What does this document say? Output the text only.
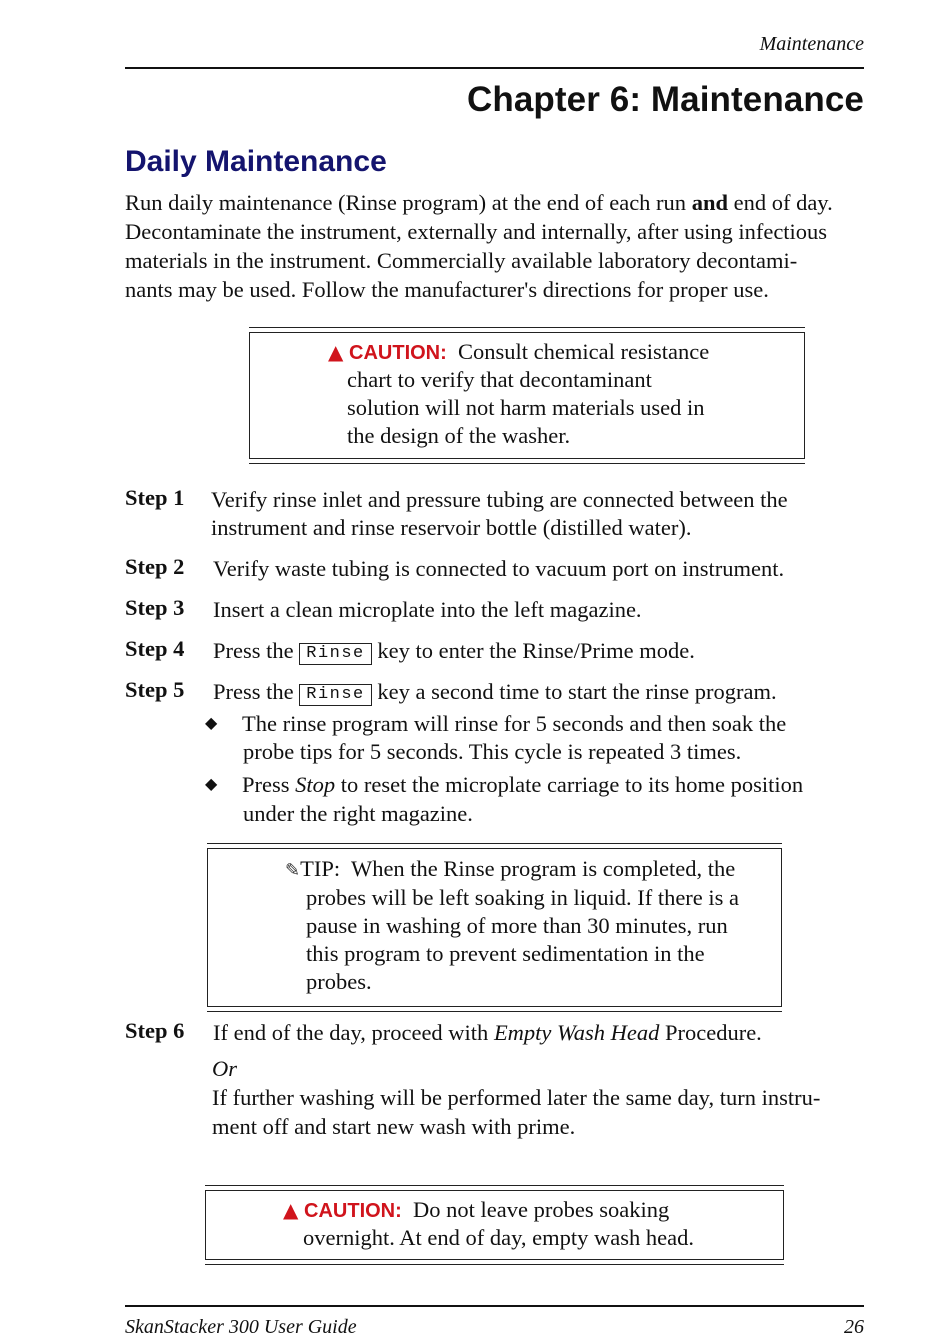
Maintenance
Chapter 6: Maintenance
Daily Maintenance
Run daily maintenance (Rinse program) at the end of each run and end of day.
Decontaminate the instrument, externally and internally, after using infectious
materials in the instrument. Commercially available laboratory decontami-
nants may be used. Follow the manufacturer's directions for proper use.
▲ CAUTION: Consult chemical resistance
chart to verify that decontaminant
solution will not harm materials used in
the design of the washer.
Step 1 Verify rinse inlet and pressure tubing are connected between the
instrument and rinse reservoir bottle (distilled water).
Step 2 Verify waste tubing is connected to vacuum port on instrument.
Step 3 Insert a clean microplate into the left magazine.
Step 4 Press the Rinse key to enter the Rinse/Prime mode.
Step 5 Press the Rinse key a second time to start the rinse program.
◆ The rinse program will rinse for 5 seconds and then soak the
probe tips for 5 seconds. This cycle is repeated 3 times.
◆ Press Stop to reset the microplate carriage to its home position
under the right magazine.
✎TIP: When the Rinse program is completed, the
probes will be left soaking in liquid. If there is a
pause in washing of more than 30 minutes, run
this program to prevent sedimentation in the
probes.
Step 6 If end of the day, proceed with Empty Wash Head Procedure.
Or
If further washing will be performed later the same day, turn instru-
ment off and start new wash with prime.
▲ CAUTION: Do not leave probes soaking
overnight. At end of day, empty wash head.
SkanStacker 300 User Guide	26
